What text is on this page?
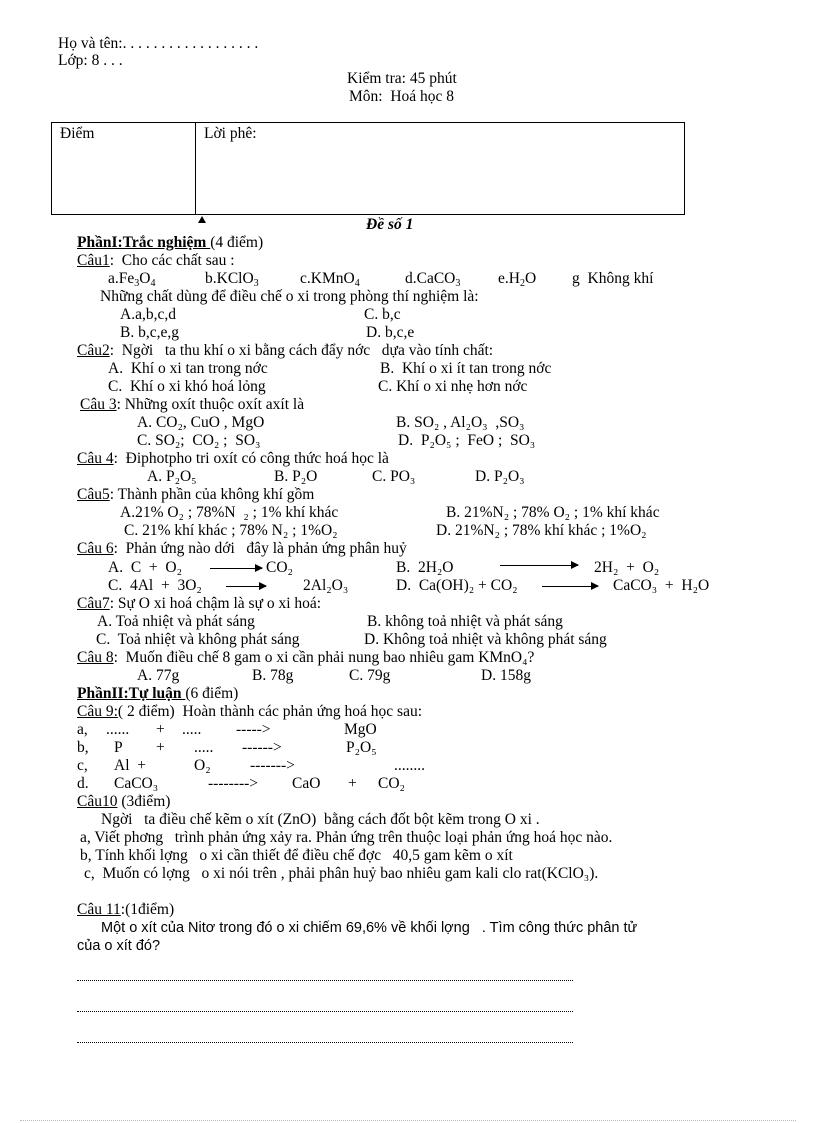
Họ và tên:. . . . . . . . . . . . . . . . . .
Lớp: 8 . . .
Kiểm tra: 45 phút
Môn:  Hoá học 8
Điểm	Lời phê:
Đề số 1
PhầnI:Trắc nghiệm (4 điểm)
Câu1:  Cho các chất sau :
$a.Fe_3O_4$	b.KClO$_3$	c.KMnO$_4$	d.CaCO$_3$ $e.H_2O$ g  Không khí
Những chất dùng để điều chế o xi trong phòng thí nghiệm là:
A.a,b,c,d	C. b,c
B. b,c,e,g	D. b,c,e
Câu2:  Ngời   ta thu khí o xi bằng cách đẩy nớc   dựa vào tính chất:
A.  Khí o xi tan trong nớc	B.  Khí o xi ít tan trong nớc
C.  Khí o xi khó hoá lỏng	C. Khí o xi nhẹ hơn nớc
Câu 3: Những oxít thuộc oxít axít là
A. CO₂, CuO , MgO	B. SO₂ , Al₂O₃  ,SO₃
C. SO₂;  CO₂ ;  SO₃	D.  P₂O₅ ;  FeO ;  SO₃
Câu 4:  Điphotpho tri oxít có công thức hoá học là
A. P₂O₅	B. P₂O	C. PO₃	D. P₂O₃
Câu5: Thành phần của không khí gồm
A.21% O₂ ; 78%N  ₂ ; 1% khí khác	B. 21%N₂ ; 78% O₂ ; 1% khí khác
C. 21% khí khác ; 78% N₂ ; 1%O₂	D. 21%N₂ ; 78% khí khác ; 1%O₂
Câu 6:  Phản ứng nào dới   đây là phản ứng phân huỷ
A.  C  +  O₂	CO₂	B.  2H₂O	2H₂  +  O₂
C.  4Al  +  3O₂	2Al₂O₃	D.  Ca(OH)₂ + CO₂	CaCO₃  +  H₂O
Câu7: Sự O xi hoá chậm là sự o xi hoá:
A. Toả nhiệt và phát sáng	B. không toả nhiệt và phát sáng
C.  Toả nhiệt và không phát sáng	D. Không toả nhiệt và không phát sáng
Câu 8:  Muốn điều chế 8 gam o xi cần phải nung bao nhiêu gam KMnO₄?
A. 77g	B. 78g	C. 79g	D. 158g
PhầnII:Tự luận (6 điểm)
Câu 9:( 2 điểm)  Hoàn thành các phản ứng hoá học sau:
a, ...... + ..... ----->	MgO
b, P + ..... ------>	P₂O₅
c, Al  +	O₂	------->	........
d. CaCO₃	--------> CaO + CO₂
Câu10 (3điểm)
Ngời   ta điều chế kẽm o xít (ZnO)  bằng cách đốt bột kẽm trong O xi .
a, Viết phơng   trình phản ứng xảy ra. Phản ứng trên thuộc loại phản ứng hoá học nào.
b, Tính khối lợng   o xi cần thiết để điều chế đợc   40,5 gam kẽm o xít
c,  Muốn có lợng   o xi nói trên , phải phân huỷ bao nhiêu gam kali clo rat(KClO₃).
Câu 11:(1điểm)
Một o xít của Nitơ trong đó o xi chiếm 69,6% về khối lợng   . Tìm công thức phân tử
của o xít đó?
